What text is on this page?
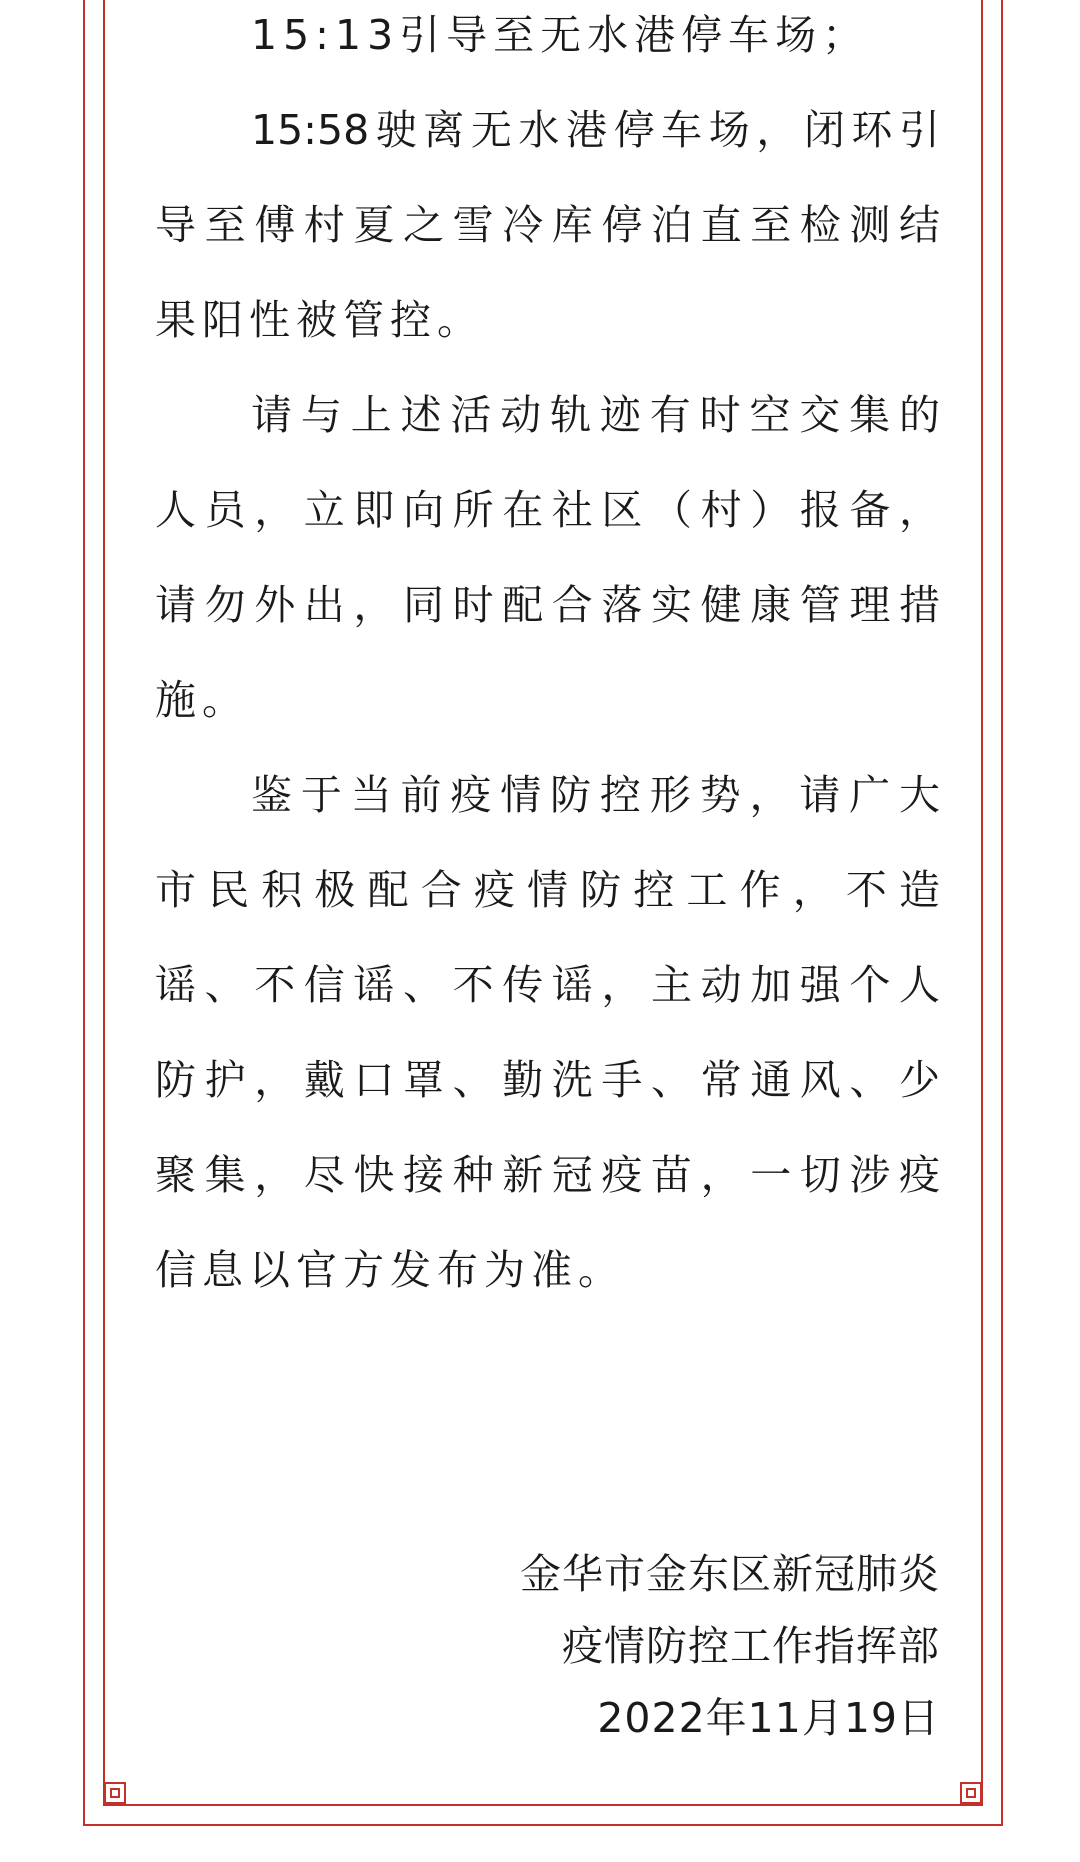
15:13引导至无水港停车场；
15:58驶离无水港停车场，闭环引
导至傅村夏之雪冷库停泊直至检测结
果阳性被管控。
请与上述活动轨迹有时空交集的
人员，立即向所在社区（村）报备，
请勿外出，同时配合落实健康管理措
施。
鉴于当前疫情防控形势，请广大
市民积极配合疫情防控工作，不造
谣、不信谣、不传谣，主动加强个人
防护，戴口罩、勤洗手、常通风、少
聚集，尽快接种新冠疫苗，一切涉疫
信息以官方发布为准。
金华市金东区新冠肺炎
疫情防控工作指挥部
2022年11月19日
